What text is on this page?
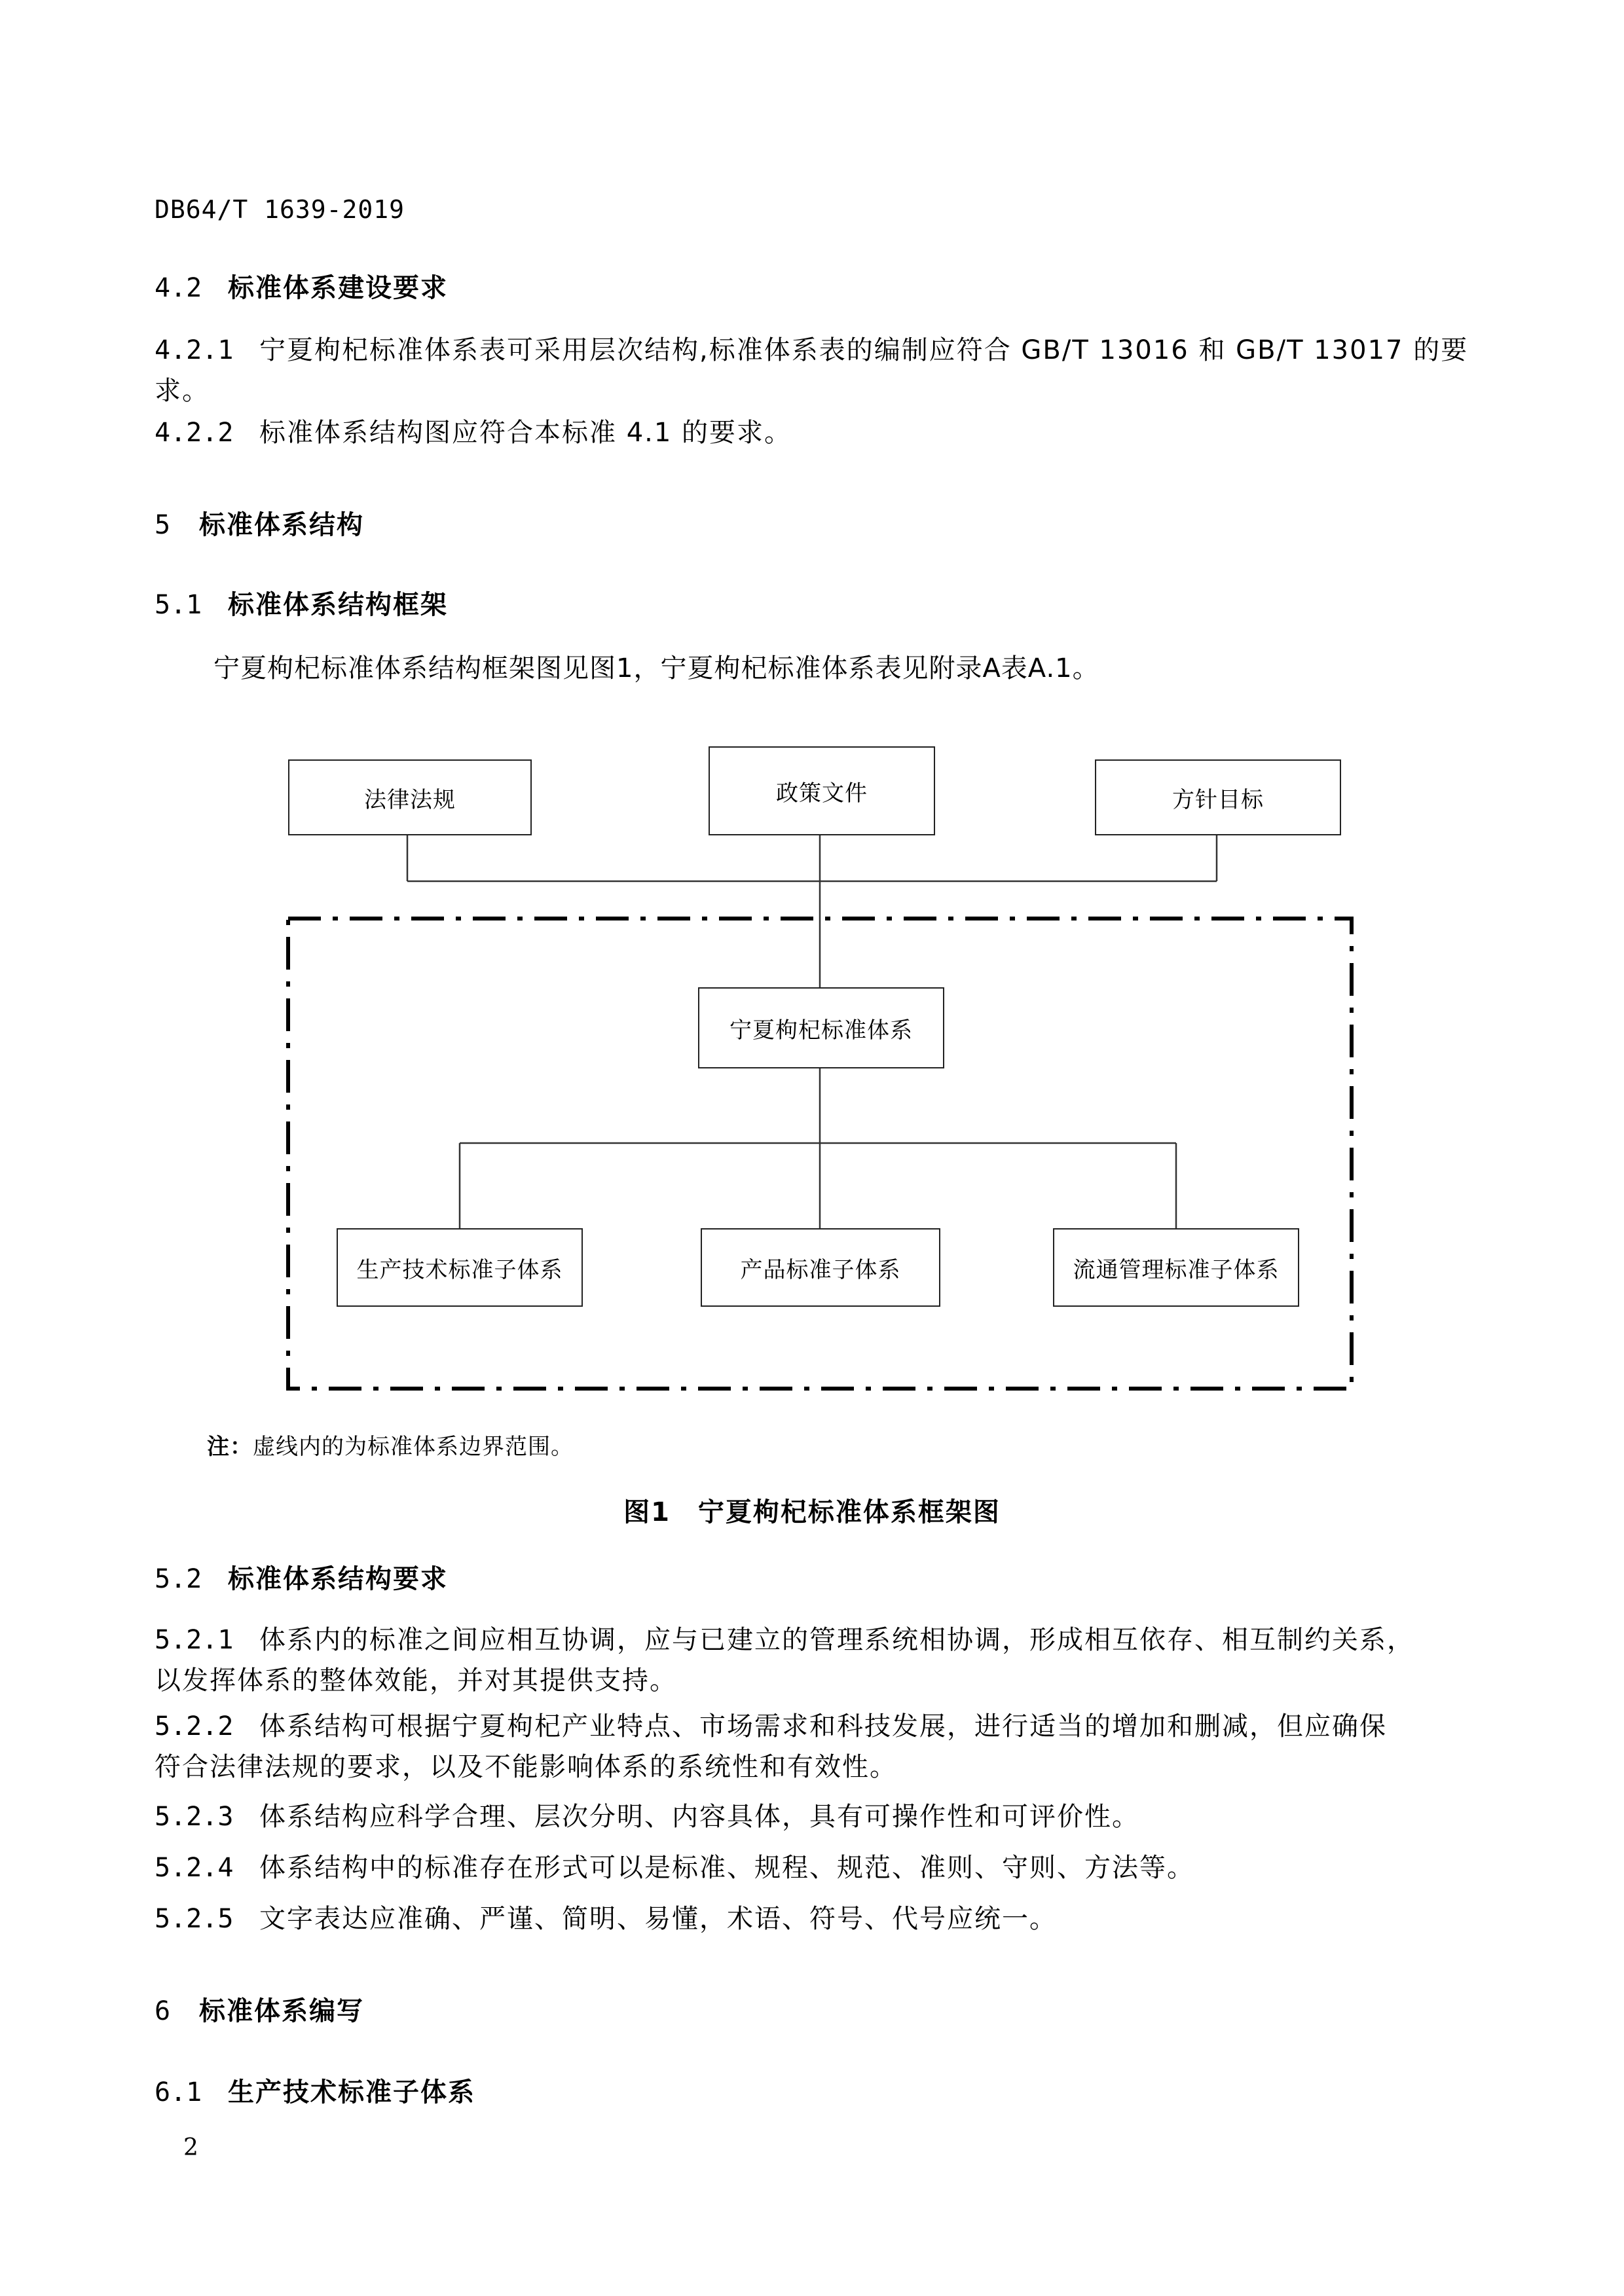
DB64/T 1639-2019
4.2 标准体系建设要求
4.2.1 宁夏枸杞标准体系表可采用层次结构,标准体系表的编制应符合 GB/T 13016 和 GB/T 13017 的要
求。
4.2.2 标准体系结构图应符合本标准 4.1 的要求。
5 标准体系结构
5.1 标准体系结构框架
宁夏枸杞标准体系结构框架图见图1，宁夏枸杞标准体系表见附录A表A.1。
法律法规	政策文件	方针目标
宁夏枸杞标准体系
生产技术标准子体系	产品标准子体系	流通管理标准子体系
注：虚线内的为标准体系边界范围。
图1　宁夏枸杞标准体系框架图
5.2 标准体系结构要求
5.2.1 体系内的标准之间应相互协调，应与已建立的管理系统相协调，形成相互依存、相互制约关系，
以发挥体系的整体效能，并对其提供支持。
5.2.2 体系结构可根据宁夏枸杞产业特点、市场需求和科技发展，进行适当的增加和删减，但应确保
符合法律法规的要求，以及不能影响体系的系统性和有效性。
5.2.3 体系结构应科学合理、层次分明、内容具体，具有可操作性和可评价性。
5.2.4 体系结构中的标准存在形式可以是标准、规程、规范、准则、守则、方法等。
5.2.5 文字表达应准确、严谨、简明、易懂，术语、符号、代号应统一。
6 标准体系编写
6.1 生产技术标准子体系
2
